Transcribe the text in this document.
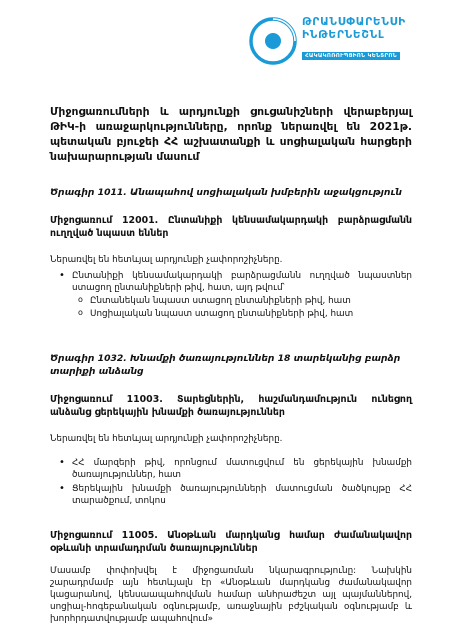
ԹՐԱՆՍՓԱՐԵՆՍԻ
ԻՆԹԵՐՆԵՇՆԼ
ՀԱԿԱԿՈՌՈՒՊՑԻՈՆ ԿԵՆՏՐՈՆ

Միջոցառումների և արդյունքի ցուցանիշների վերաբերյալ ԹԻԿ-ի առաջարկությունները, որոնք ներառվել են 2021թ. պետական բյուջեի ՀՀ աշխատանքի և սոցիալական հարցերի նախարարության մասում

Ծրագիր 1011. Անապահով սոցիալական խմբերին աջակցություն

Միջոցառում 12001. Ընտանիքի կենսամակարդակի բարձրացմանն ուղղված նպաստ եններ

Ներառվել են հետևյալ արդյունքի չափորոշիչները.

• Ընտանիքի կենսամակարդակի բարձրացմանն ուղղված նպաստներ ստացող ընտանիքների թիվ, հատ, այդ թվում՝
o Ընտանեկան նպաստ ստացող ընտանիքների թիվ, հատ
o Սոցիալական նպաստ ստացող ընտանիքների թիվ, հատ

Ծրագիր 1032. Խնամքի ծառայություններ 18 տարեկանից բարձր տարիքի անձանց

Միջոցառում 11003. Տարեցներին, հաշմանդամություն ունեցող անձանց ցերեկային խնամքի ծառայություններ

Ներառվել են հետևյալ արդյունքի չափորոշիչները.

• ՀՀ մարզերի թիվ, որոնցում մատուցվում են ցերեկային խնամքի ծառայություններ, հատ
• Ցերեկային խնամքի ծառայությունների մատուցման ծածկույթը ՀՀ տարածքում, տոկոս

Միջոցառում 11005. Անօթևան մարդկանց համար ժամանակավոր օթևանի տրամադրման ծառայություններ

Մասամբ փոփոխվել է միջոցառման նկարագրությունը: Նախկին շարադրմամբ այն հետևյալն էր «Անօթևան մարդկանց ժամանակավոր կացարանով, կենսաապահովման համար անհրաժեշտ այլ պայմաններով, սոցիալ-հոգեբանական օգնությամբ, առաջնային բժշկական օգնությամբ և խորհրդատվությամբ ապահովում»
